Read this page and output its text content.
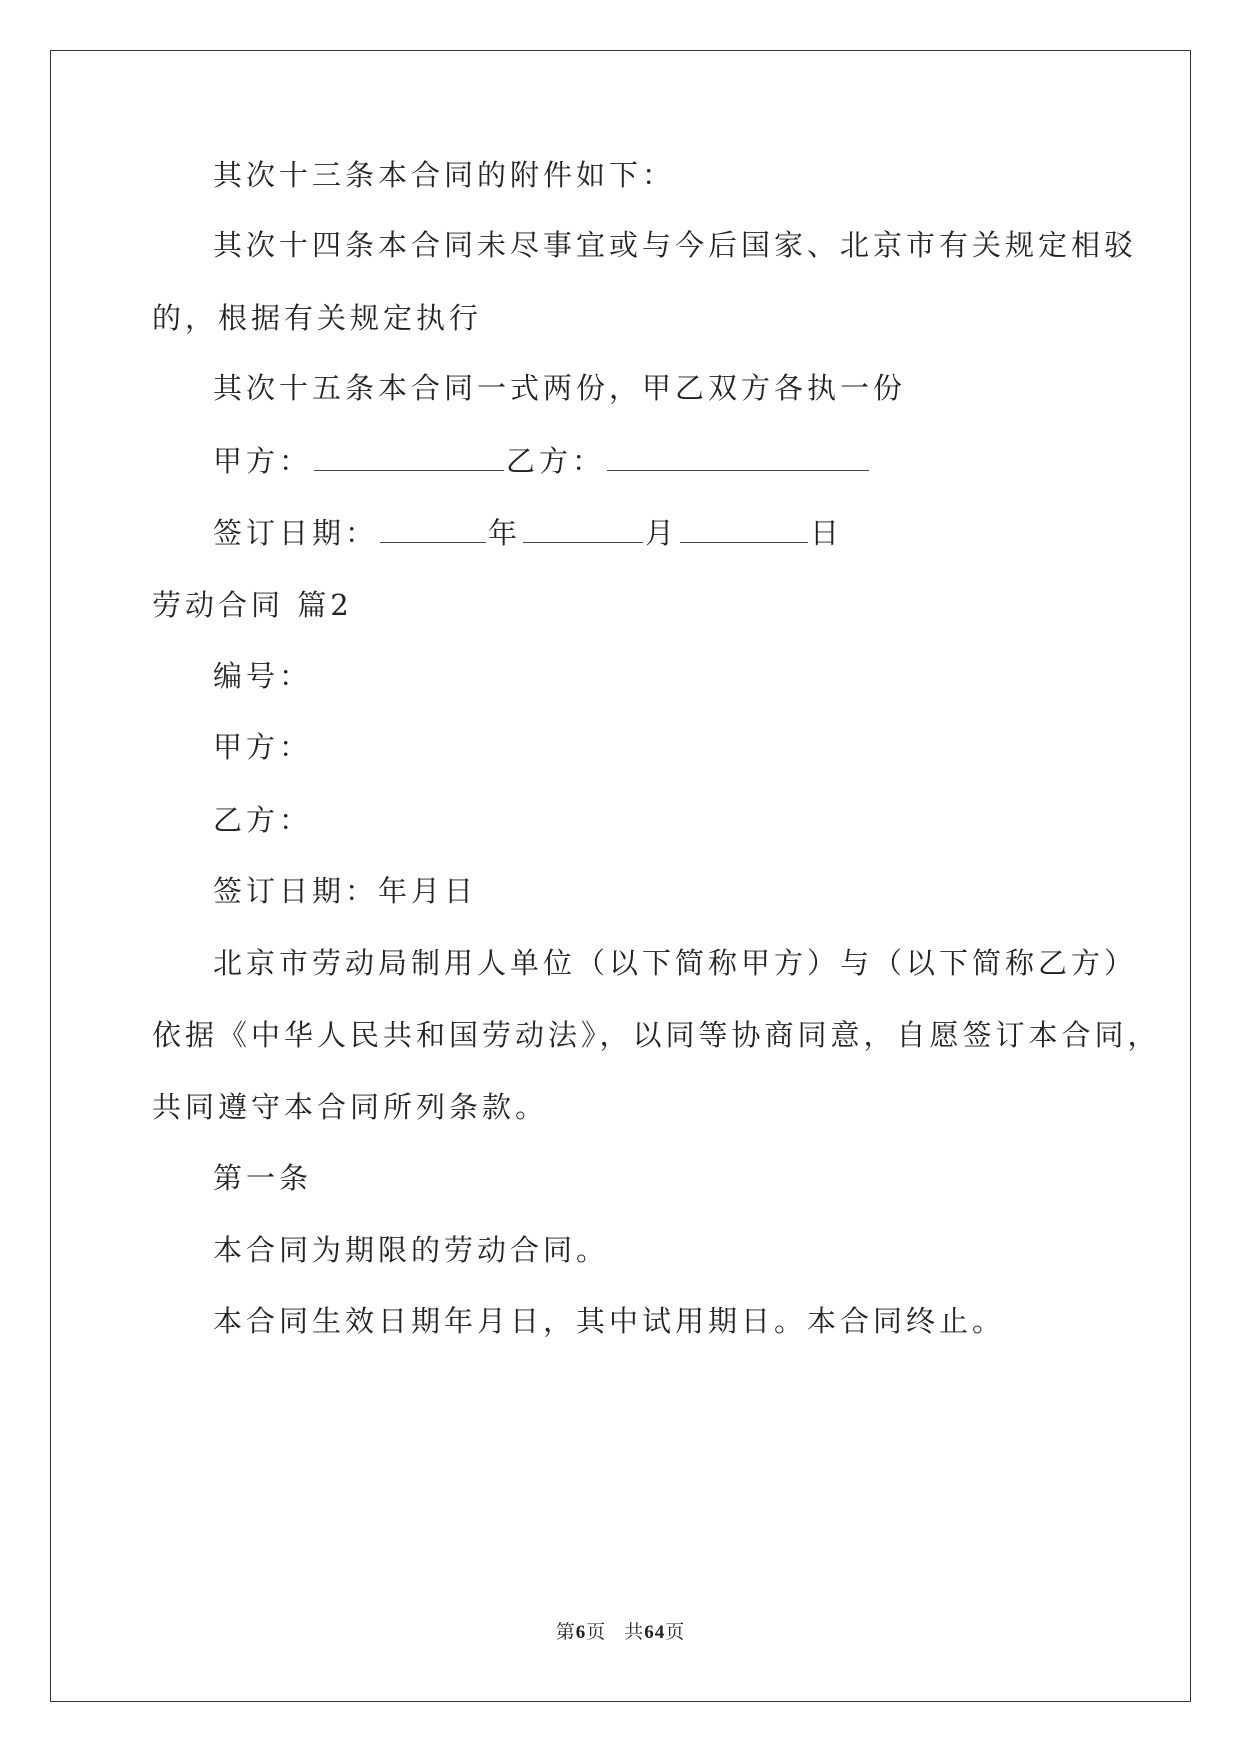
其次十三条本合同的附件如下：
其次十四条本合同未尽事宜或与今后国家、北京市有关规定相驳
的，根据有关规定执行
其次十五条本合同一式两份，甲乙双方各执一份
甲方：	乙方：
签订日期：	年	月	日
劳动合同 篇2
编号：
甲方：
乙方：
签订日期：年月日
北京市劳动局制用人单位（以下简称甲方）与（以下简称乙方）
依据《中华人民共和国劳动法》，以同等协商同意，自愿签订本合同，
共同遵守本合同所列条款。
第一条
本合同为期限的劳动合同。
本合同生效日期年月日，其中试用期日。本合同终止。
第6页 共64页
